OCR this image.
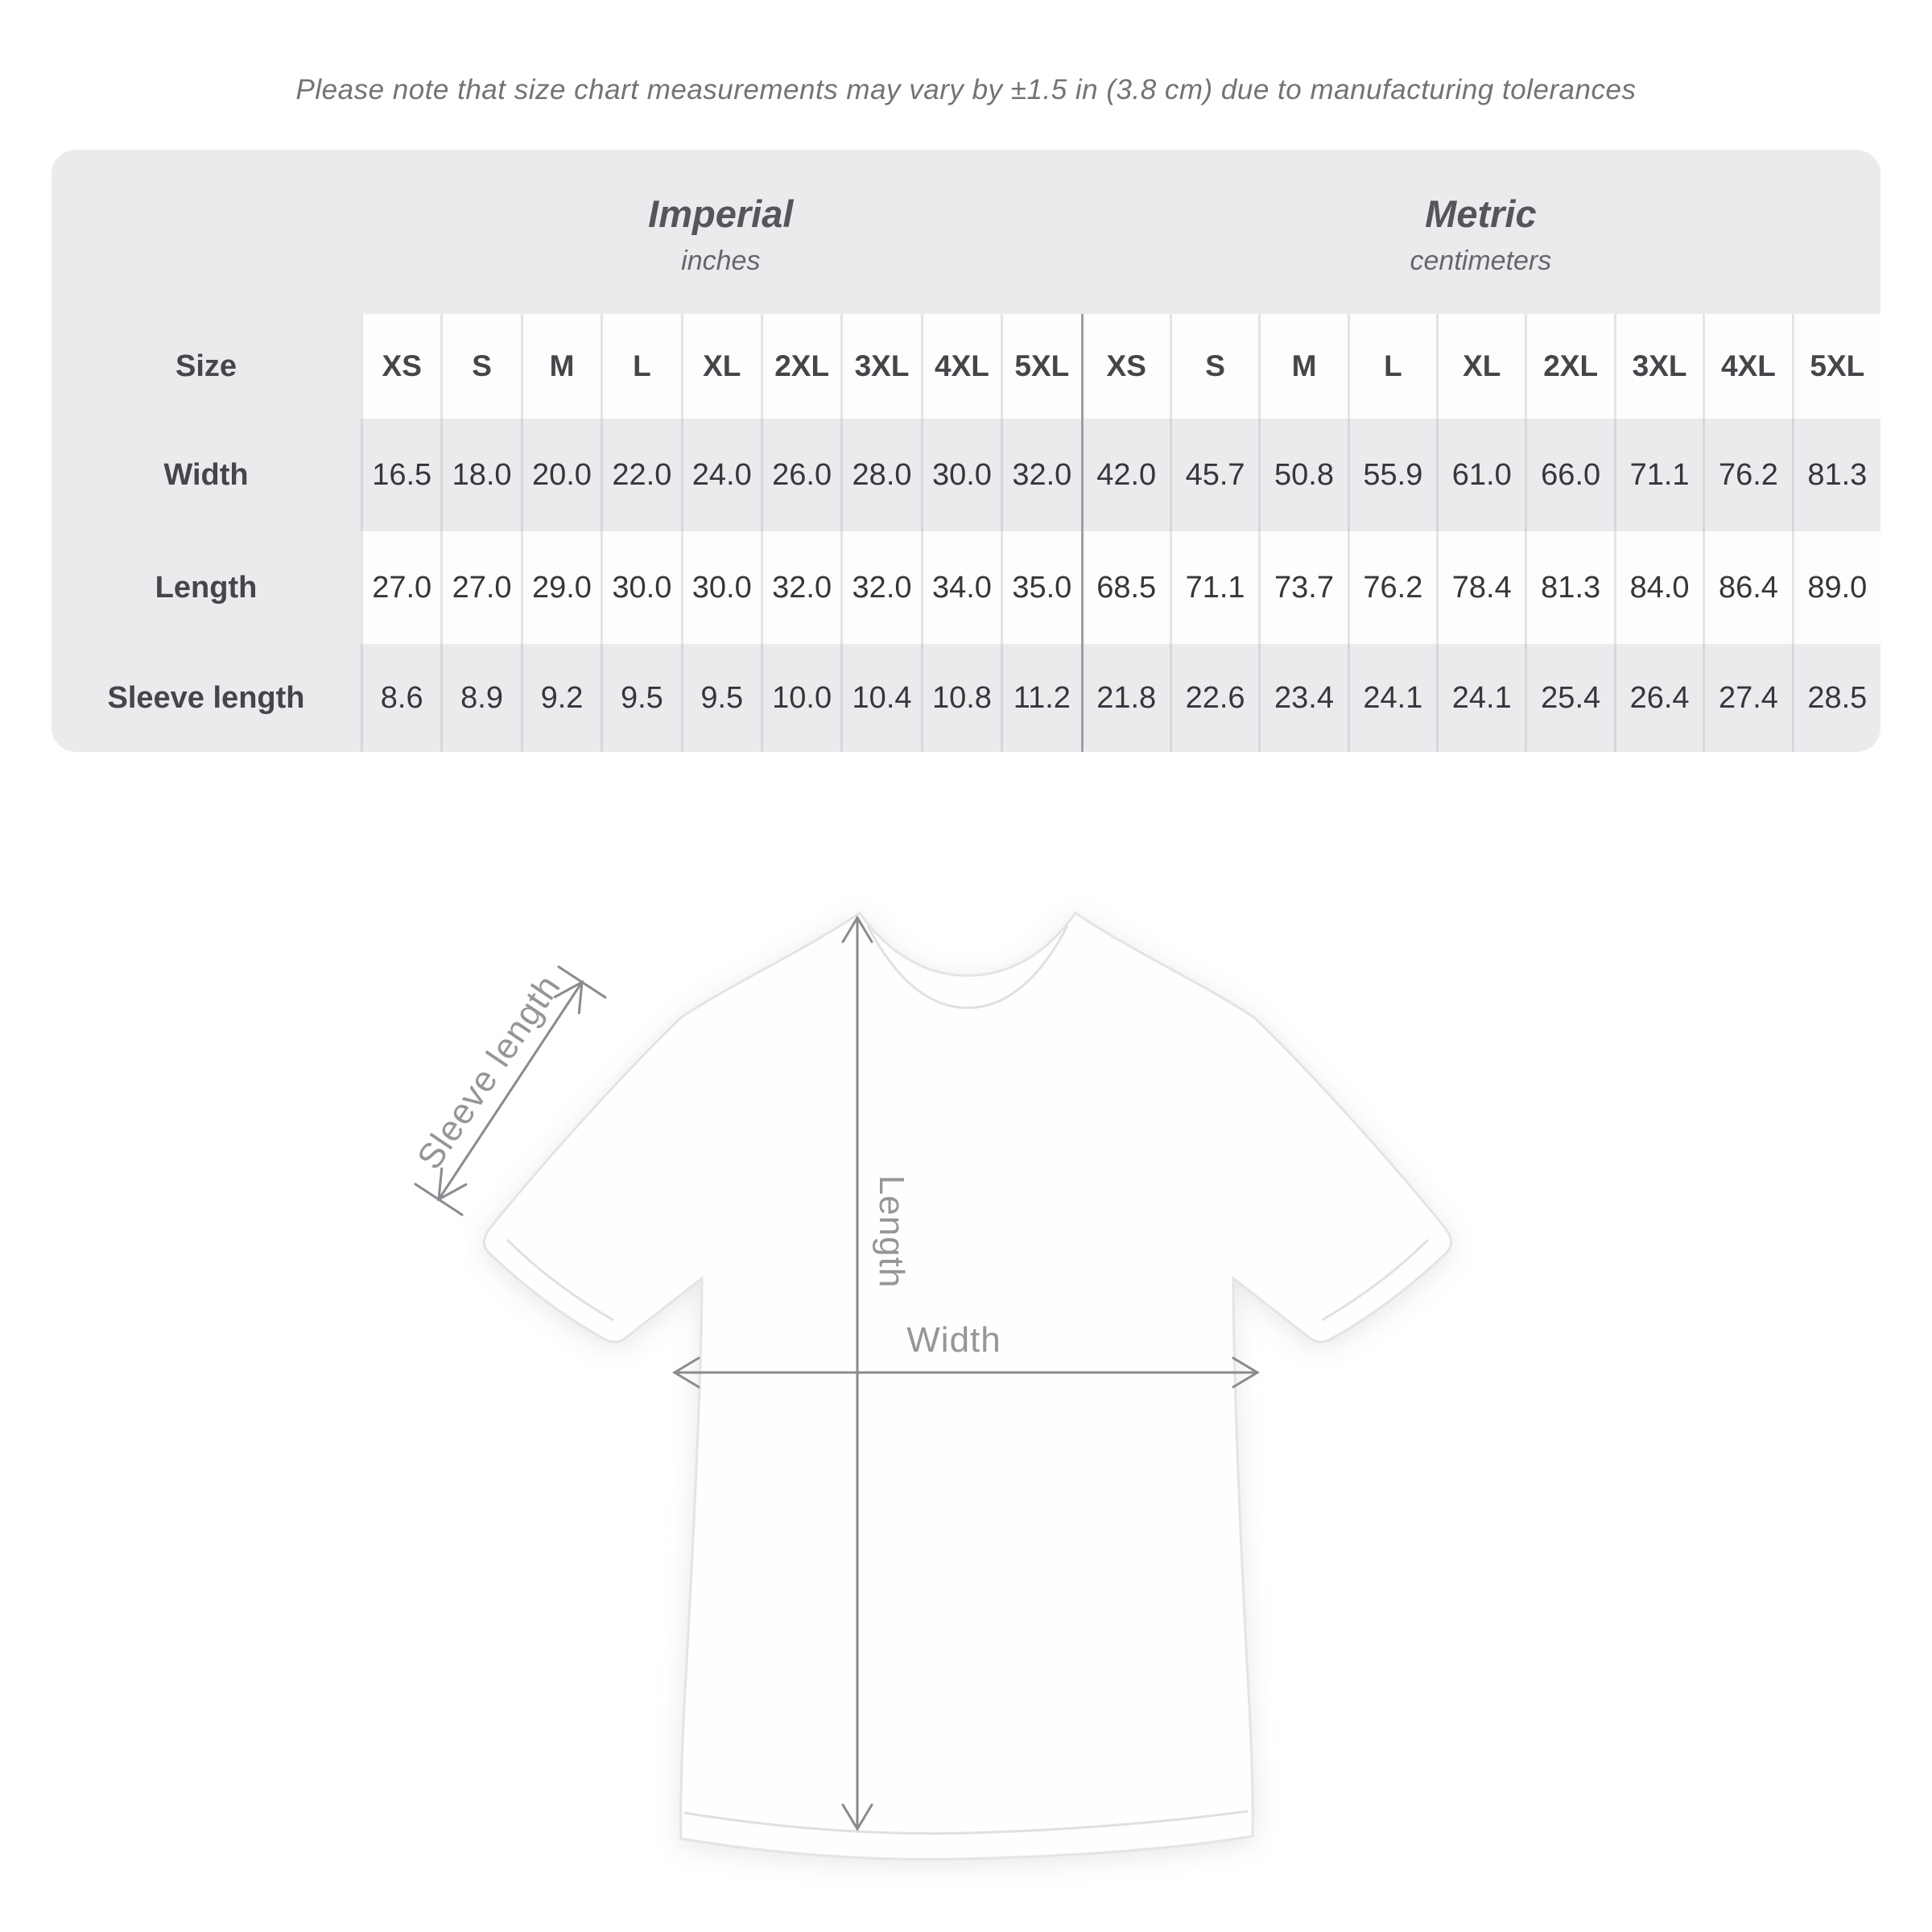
Please note that size chart measurements may vary by ±1.5 in (3.8 cm) due to manufacturing tolerances
Imperial
inches
Metric
centimeters
Size	XS	S	M	L	XL	2XL 3XL 4XL 5XL	XS	S	M	L	XL	2XL	3XL	4XL	5XL
Width	16.5 18.0 20.0 22.0 24.0 26.0 28.0 30.0 32.0 42.0 45.7 50.8 55.9 61.0 66.0 71.1 76.2 81.3
Length	27.0 27.0 29.0 30.0 30.0 32.0 32.0 34.0 35.0 68.5 71.1 73.7 76.2 78.4 81.3 84.0 86.4 89.0
Sleeve length	8.6	8.9	9.2	9.5	9.5 10.0 10.4 10.8 11.2 21.8 22.6 23.4 24.1 24.1 25.4 26.4 27.4 28.5
Sleeve length
Length
Width
